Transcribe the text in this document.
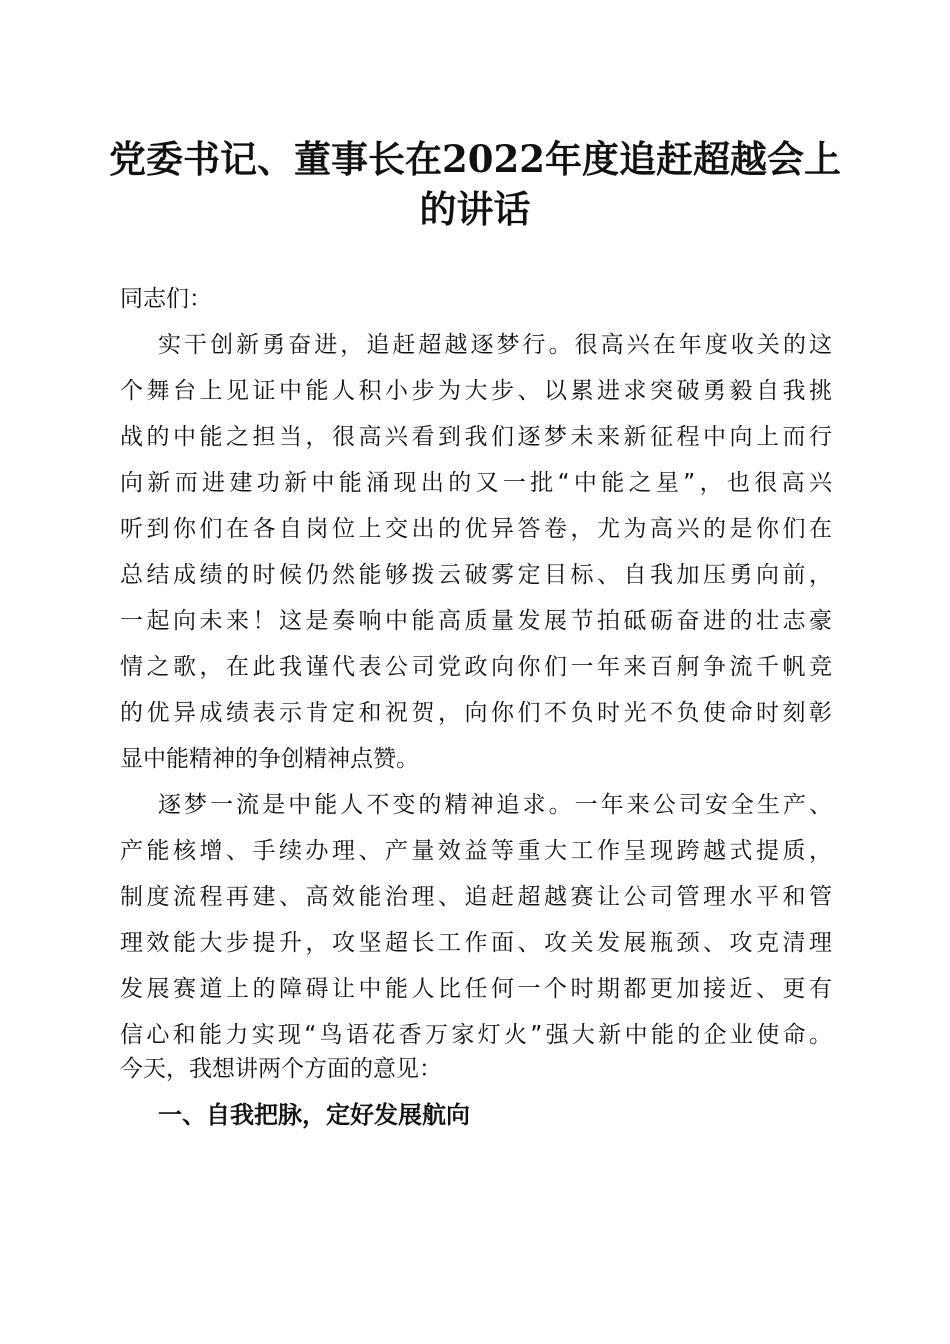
党委书记、董事长在2022年度追赶超越会上
的讲话

同志们：

实干创新勇奋进，追赶超越逐梦行。很高兴在年度收关的这

个舞台上见证中能人积小步为大步、以累进求突破勇毅自我挑

战的中能之担当，很高兴看到我们逐梦未来新征程中向上而行

向新而进建功新中能涌现出的又一批“中能之星”，也很高兴

听到你们在各自岗位上交出的优异答卷，尤为高兴的是你们在

总结成绩的时候仍然能够拨云破雾定目标、自我加压勇向前，

一起向未来！这是奏响中能高质量发展节拍砥砺奋进的壮志豪

情之歌，在此我谨代表公司党政向你们一年来百舸争流千帆竞

的优异成绩表示肯定和祝贺，向你们不负时光不负使命时刻彰

显中能精神的争创精神点赞。

逐梦一流是中能人不变的精神追求。一年来公司安全生产、

产能核增、手续办理、产量效益等重大工作呈现跨越式提质，

制度流程再建、高效能治理、追赶超越赛让公司管理水平和管

理效能大步提升，攻坚超长工作面、攻关发展瓶颈、攻克清理

发展赛道上的障碍让中能人比任何一个时期都更加接近、更有

信心和能力实现“鸟语花香万家灯火”强大新中能的企业使命。

今天，我想讲两个方面的意见：

一、自我把脉，定好发展航向
